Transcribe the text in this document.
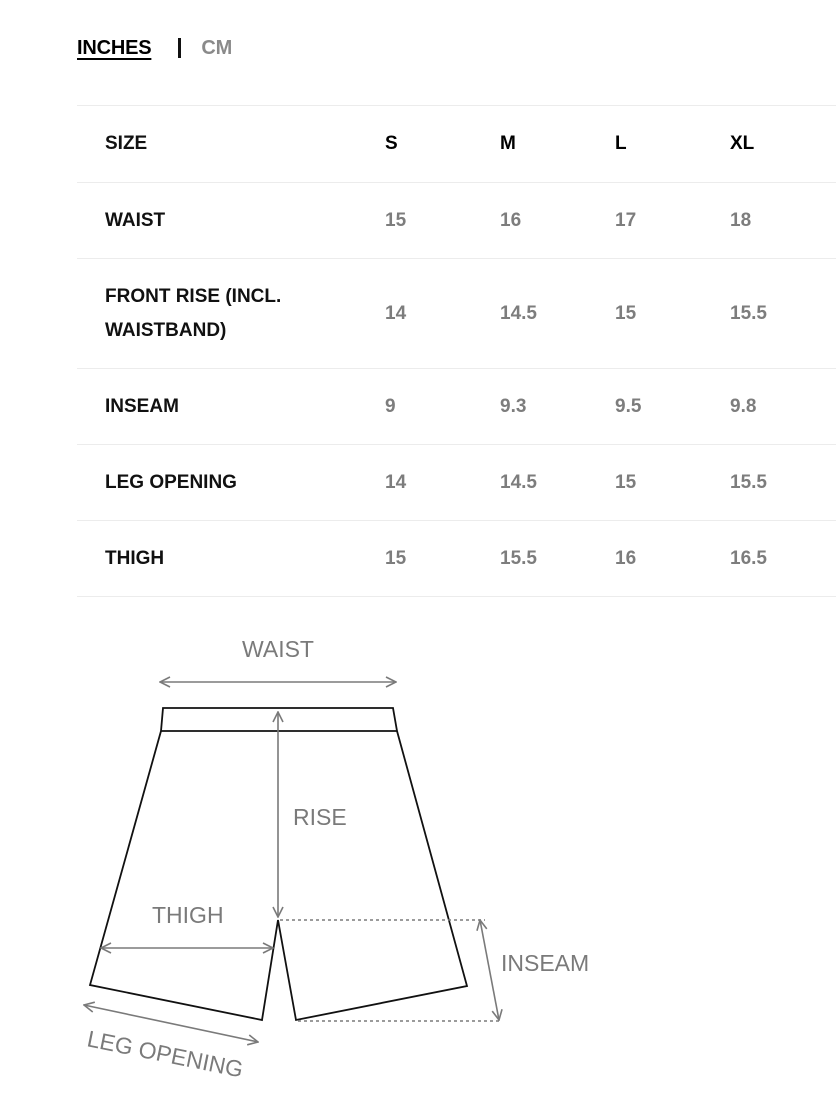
INCHES	CM
SIZE	S	M	L	XL
WAIST	15	16	17	18
FRONT RISE (INCL. WAISTBAND)	14	14.5	15	15.5
INSEAM	9	9.3	9.5	9.8
LEG OPENING	14	14.5	15	15.5
THIGH	15	15.5	16	16.5
WAIST
RISE
THIGH
INSEAM
LEG OPENING
